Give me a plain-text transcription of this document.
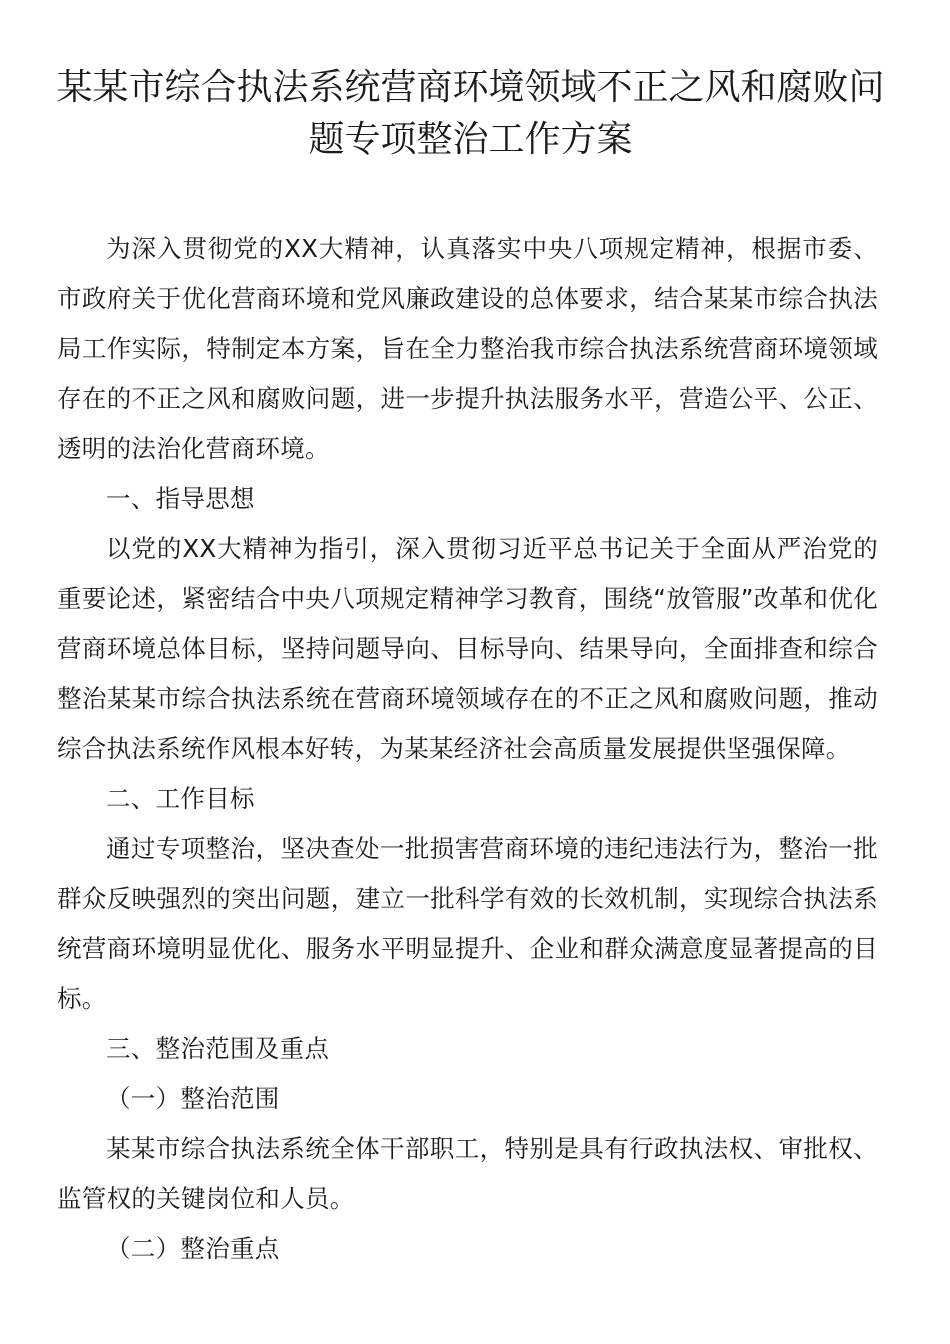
某某市综合执法系统营商环境领域不正之风和腐败问题专项整治工作方案

为深入贯彻党的XX大精神，认真落实中央八项规定精神，根据市委、市政府关于优化营商环境和党风廉政建设的总体要求，结合某某市综合执法局工作实际，特制定本方案，旨在全力整治我市综合执法系统营商环境领域存在的不正之风和腐败问题，进一步提升执法服务水平，营造公平、公正、透明的法治化营商环境。

一、指导思想

以党的XX大精神为指引，深入贯彻习近平总书记关于全面从严治党的重要论述，紧密结合中央八项规定精神学习教育，围绕“放管服”改革和优化营商环境总体目标，坚持问题导向、目标导向、结果导向，全面排查和综合整治某某市综合执法系统在营商环境领域存在的不正之风和腐败问题，推动综合执法系统作风根本好转，为某某经济社会高质量发展提供坚强保障。

二、工作目标

通过专项整治，坚决查处一批损害营商环境的违纪违法行为，整治一批群众反映强烈的突出问题，建立一批科学有效的长效机制，实现综合执法系统营商环境明显优化、服务水平明显提升、企业和群众满意度显著提高的目标。

三、整治范围及重点

（一）整治范围

某某市综合执法系统全体干部职工，特别是具有行政执法权、审批权、监管权的关键岗位和人员。

（二）整治重点
